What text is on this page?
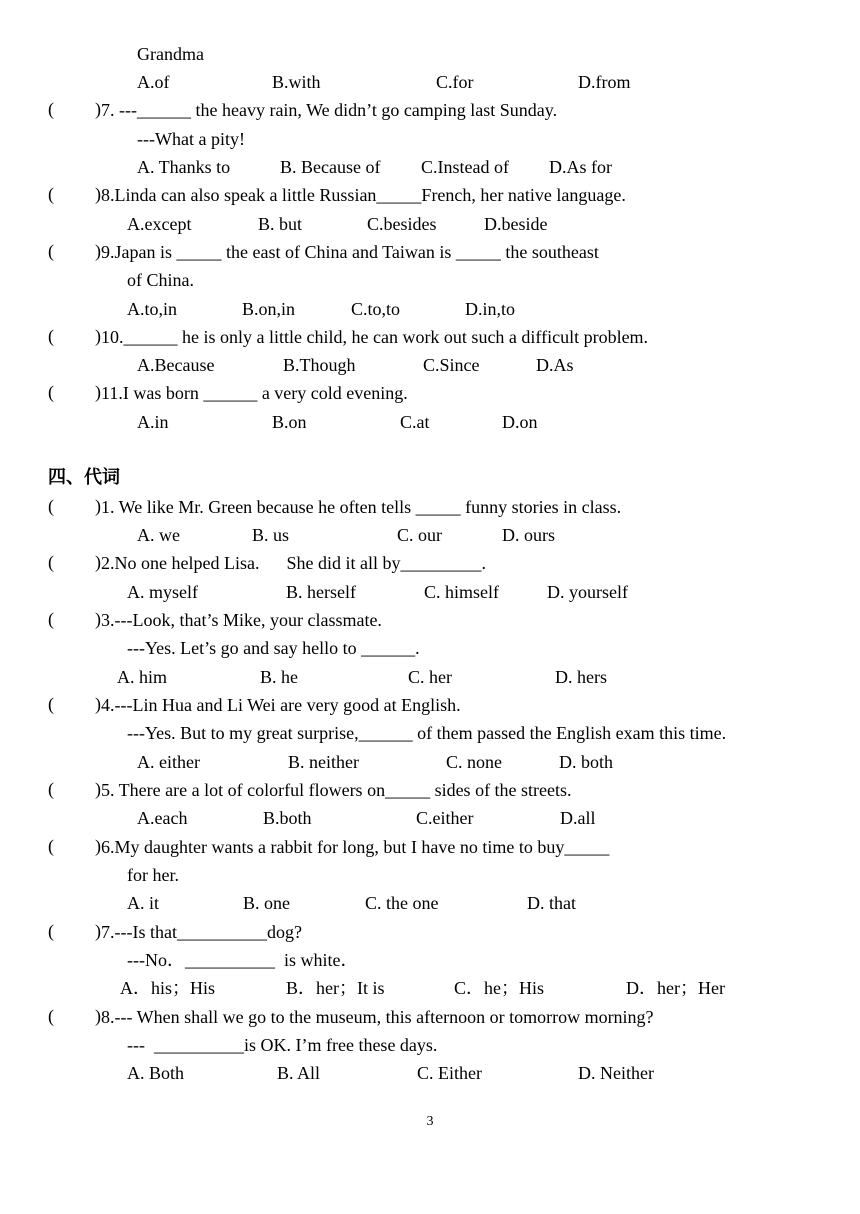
Grandma
A.of	B.with	C.for	D.from
( ) 7. ---______ the heavy rain, We didn’t go camping last Sunday.
---What a pity!
A. Thanks to	B. Because of C.Instead of D.As for
( ) 8.Linda can also speak a little Russian_____French, her native language.
A.except	B. but	C.besides	D.beside
( ) 9.Japan is _____ the east of China and Taiwan is _____ the southeast
of China.
A.to,in	B.on,in	C.to,to	D.in,to
( ) 10.______ he is only a little child, he can work out such a difficult problem.
A.Because	B.Though	C.Since	D.As
( ) 11.I was born ______ a very cold evening.
A.in	B.on	C.at	D.on
四、代词
( ) 1. We like Mr. Green because he often tells _____ funny stories in class.
A. we	B. us	C. our	D. ours
( ) 2.No one helped Lisa.      She did it all by_________.
A. myself	B. herself	C. himself	D. yourself
( ) 3.---Look, that’s Mike, your classmate.
---Yes. Let’s go and say hello to ______.
A. him	B. he	C. her	D. hers
( ) 4.---Lin Hua and Li Wei are very good at English.
---Yes. But to my great surprise,______ of them passed the English exam this time.
A. either	B. neither	C. none	D. both
( ) 5. There are a lot of colorful flowers on_____ sides of the streets.
A.each	B.both	C.either	D.all
( ) 6.My daughter wants a rabbit for long, but I have no time to buy_____
for her.
A. it	B. one	C. the one	D. that
( ) 7.---Is that__________dog?
---No．__________  is white．
A．his；His	B．her；It is	C．he；His	D．her；Her
( ) 8.--- When shall we go to the museum, this afternoon or tomorrow morning?
---  __________is OK. I’m free these days.
A. Both	B. All	C. Either	D. Neither
3
